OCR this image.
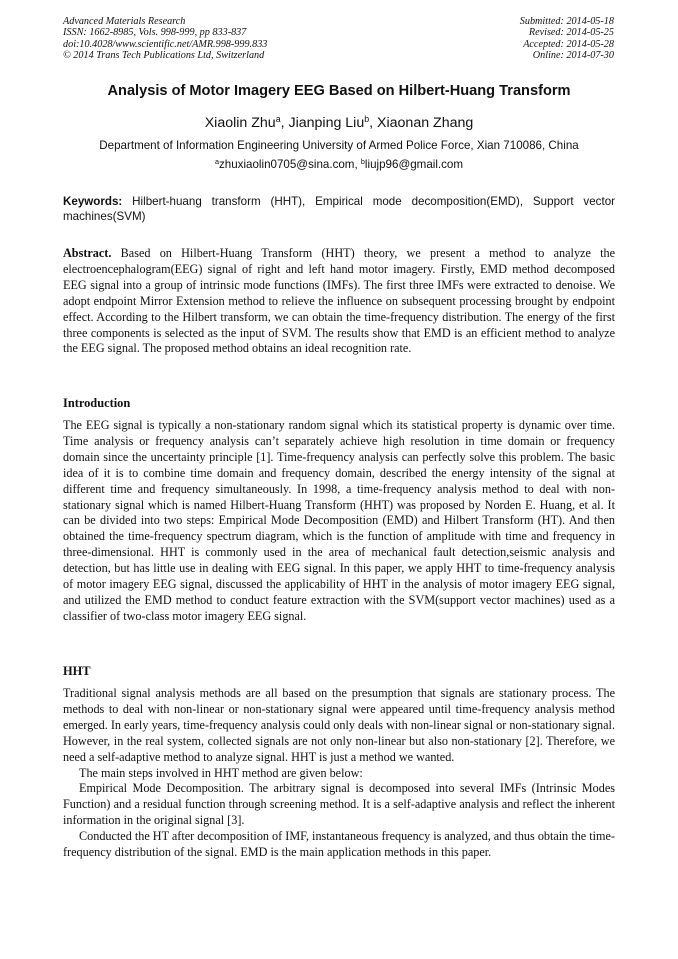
Advanced Materials Research
ISSN: 1662-8985, Vols. 998-999, pp 833-837
doi:10.4028/www.scientific.net/AMR.998-999.833
© 2014 Trans Tech Publications Ltd, Switzerland
Submitted: 2014-05-18
Revised: 2014-05-25
Accepted: 2014-05-28
Online: 2014-07-30
Analysis of Motor Imagery EEG Based on Hilbert-Huang Transform
Xiaolin Zhu$^a$, Jianping Liu$^b$, Xiaonan Zhang
Department of Information Engineering University of Armed Police Force, Xian 710086, China
$^a$zhuxiaolin0705@sina.com, $^b$liujp96@gmail.com
Keywords: Hilbert-huang transform (HHT), Empirical mode decomposition(EMD), Support vector machines(SVM)
Abstract. Based on Hilbert-Huang Transform (HHT) theory, we present a method to analyze the electroencephalogram(EEG) signal of right and left hand motor imagery. Firstly, EMD method decomposed EEG signal into a group of intrinsic mode functions (IMFs). The first three IMFs were extracted to denoise. We adopt endpoint Mirror Extension method to relieve the influence on subsequent processing brought by endpoint effect. According to the Hilbert transform, we can obtain the time-frequency distribution. The energy of the first three components is selected as the input of SVM. The results show that EMD is an efficient method to analyze the EEG signal. The proposed method obtains an ideal recognition rate.
Introduction
The EEG signal is typically a non-stationary random signal which its statistical property is dynamic over time. Time analysis or frequency analysis can’t separately achieve high resolution in time domain or frequency domain since the uncertainty principle [1]. Time-frequency analysis can perfectly solve this problem. The basic idea of it is to combine time domain and frequency domain, described the energy intensity of the signal at different time and frequency simultaneously. In 1998, a time-frequency analysis method to deal with non-stationary signal which is named Hilbert-Huang Transform (HHT) was proposed by Norden E. Huang, et al. It can be divided into two steps: Empirical Mode Decomposition (EMD) and Hilbert Transform (HT). And then obtained the time-frequency spectrum diagram, which is the function of amplitude with time and frequency in three-dimensional. HHT is commonly used in the area of mechanical fault detection,seismic analysis and detection, but has little use in dealing with EEG signal. In this paper, we apply HHT to time-frequency analysis of motor imagery EEG signal, discussed the applicability of HHT in the analysis of motor imagery EEG signal, and utilized the EMD method to conduct feature extraction with the SVM(support vector machines) used as a classifier of two-class motor imagery EEG signal.
HHT

Traditional signal analysis methods are all based on the presumption that signals are stationary process. The methods to deal with non-linear or non-stationary signal were appeared until time-frequency analysis method emerged. In early years, time-frequency analysis could only deals with non-linear signal or non-stationary signal. However, in the real system, collected signals are not only non-linear but also non-stationary [2]. Therefore, we need a self-adaptive method to analyze signal. HHT is just a method we wanted.

The main steps involved in HHT method are given below:

Empirical Mode Decomposition. The arbitrary signal is decomposed into several IMFs (Intrinsic Modes Function) and a residual function through screening method. It is a self-adaptive analysis and reflect the inherent information in the original signal [3].

Conducted the HT after decomposition of IMF, instantaneous frequency is analyzed, and thus obtain the time-frequency distribution of the signal. EMD is the main application methods in this paper.
